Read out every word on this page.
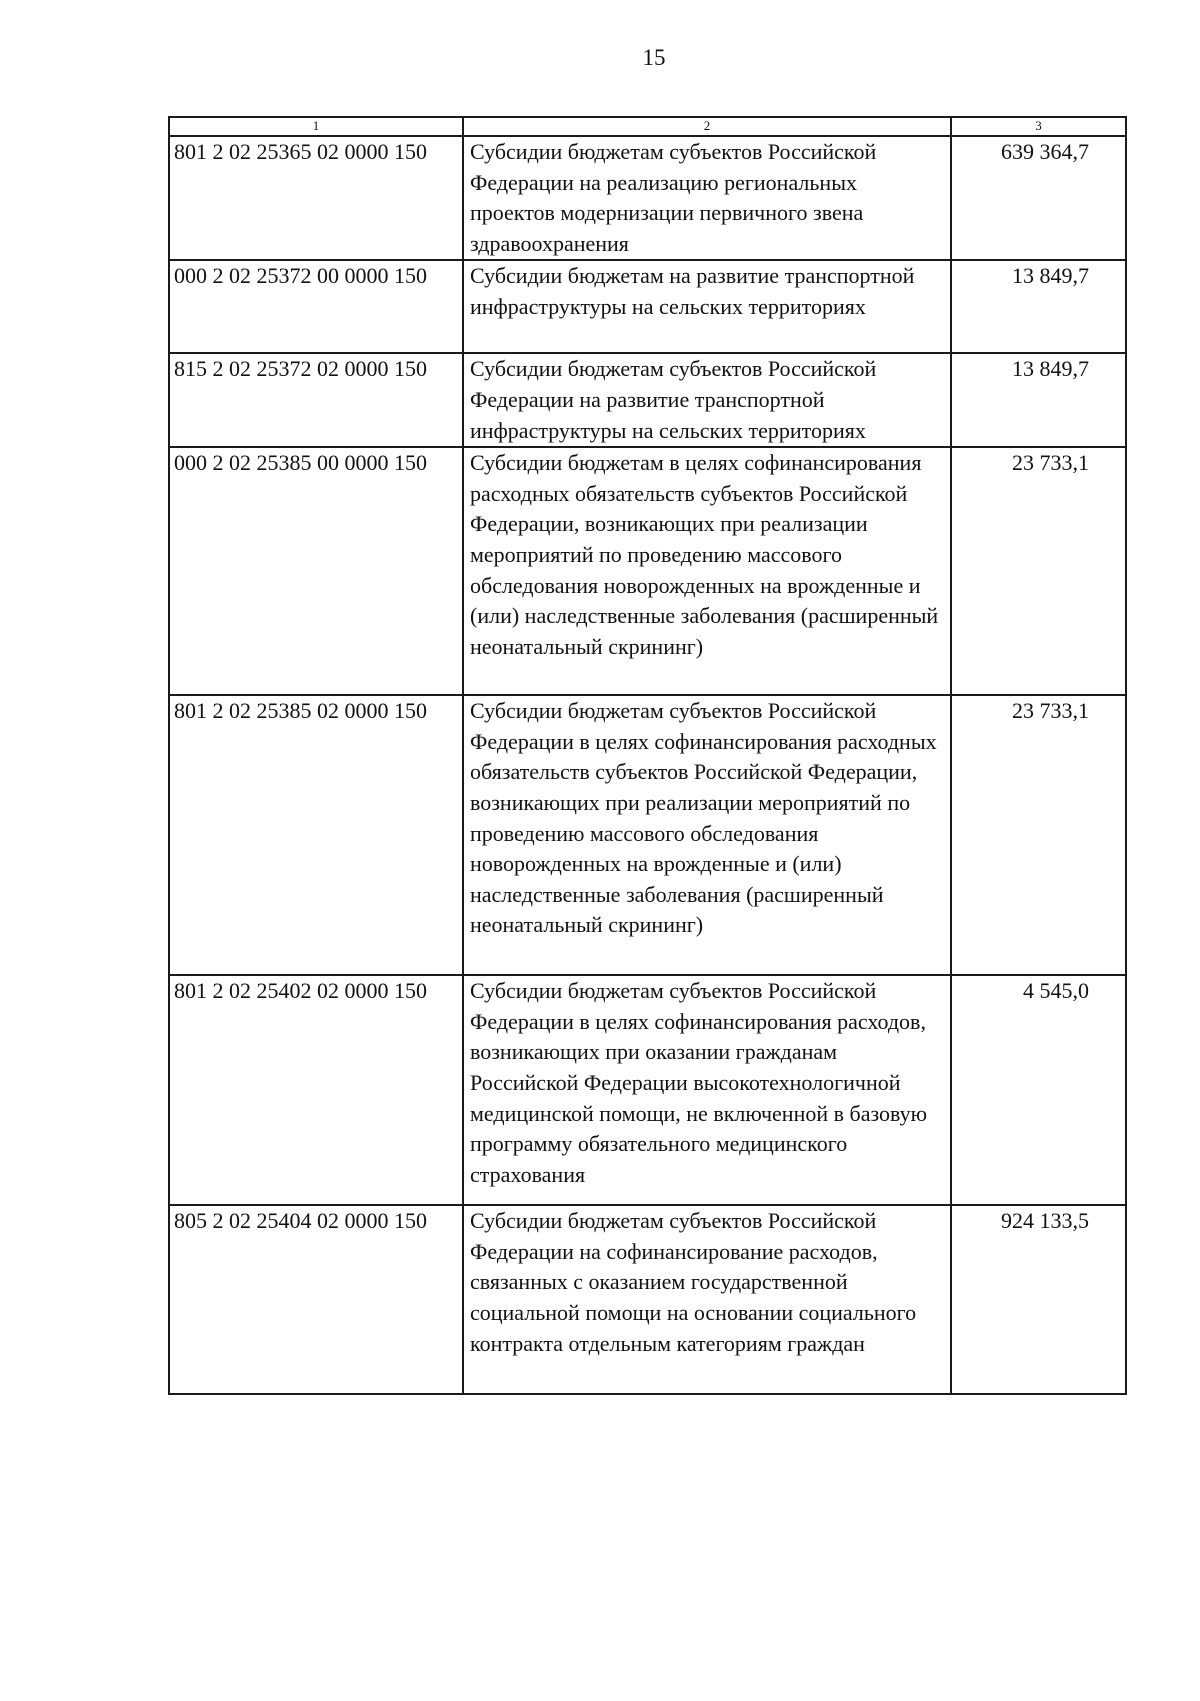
15
1	2	3
801 2 02 25365 02 0000 150	Субсидии бюджетам субъектов Российской Федерации на реализацию региональных проектов модернизации первичного звена здравоохранения	639 364,7
000 2 02 25372 00 0000 150	Субсидии бюджетам на развитие транспортной инфраструктуры на сельских территориях	13 849,7
815 2 02 25372 02 0000 150	Субсидии бюджетам субъектов Российской Федерации на развитие транспортной инфраструктуры на сельских территориях	13 849,7
000 2 02 25385 00 0000 150	Субсидии бюджетам в целях софинансирования расходных обязательств субъектов Российской Федерации, возникающих при реализации мероприятий по проведению массового обследования новорожденных на врожденные и (или) наследственные заболевания (расширенный неонатальный скрининг)	23 733,1
801 2 02 25385 02 0000 150	Субсидии бюджетам субъектов Российской Федерации в целях софинансирования расходных обязательств субъектов Российской Федерации, возникающих при реализации мероприятий по проведению массового обследования новорожденных на врожденные и (или) наследственные заболевания (расширенный неонатальный скрининг)	23 733,1
801 2 02 25402 02 0000 150	Субсидии бюджетам субъектов Российской Федерации в целях софинансирования расходов, возникающих при оказании гражданам Российской Федерации высокотехнологичной медицинской помощи, не включенной в базовую программу обязательного медицинского страхования	4 545,0
805 2 02 25404 02 0000 150	Субсидии бюджетам субъектов Российской Федерации на софинансирование расходов, связанных с оказанием государственной социальной помощи на основании социального контракта отдельным категориям граждан	924 133,5
